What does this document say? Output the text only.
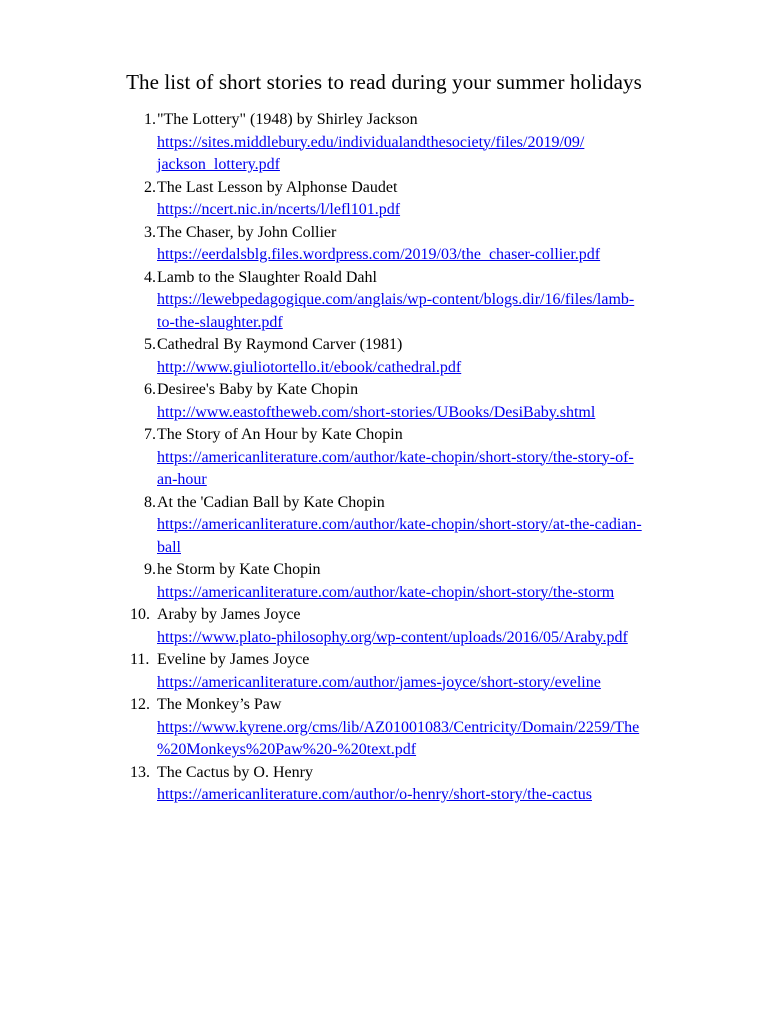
The list of short stories to read during your summer holidays
1. "The Lottery" (1948) by Shirley Jackson
https://sites.middlebury.edu/individualandthesociety/files/2019/09/
jackson_lottery.pdf
2. The Last Lesson by Alphonse Daudet
https://ncert.nic.in/ncerts/l/lefl101.pdf
3. The Chaser, by John Collier
https://eerdalsblg.files.wordpress.com/2019/03/the_chaser-collier.pdf
4. Lamb to the Slaughter Roald Dahl
https://lewebpedagogique.com/anglais/wp-content/blogs.dir/16/files/lamb-
to-the-slaughter.pdf
5. Cathedral By Raymond Carver (1981)
http://www.giuliotortello.it/ebook/cathedral.pdf
6. Desiree's Baby by Kate Chopin
http://www.eastoftheweb.com/short-stories/UBooks/DesiBaby.shtml
7. The Story of An Hour by Kate Chopin
https://americanliterature.com/author/kate-chopin/short-story/the-story-of-
an-hour
8. At the 'Cadian Ball by Kate Chopin
https://americanliterature.com/author/kate-chopin/short-story/at-the-cadian-
ball
9. he Storm by Kate Chopin
https://americanliterature.com/author/kate-chopin/short-story/the-storm
10. Araby by James Joyce
https://www.plato-philosophy.org/wp-content/uploads/2016/05/Araby.pdf
11. Eveline by James Joyce
https://americanliterature.com/author/james-joyce/short-story/eveline
12. The Monkey’s Paw
https://www.kyrene.org/cms/lib/AZ01001083/Centricity/Domain/2259/The
%20Monkeys%20Paw%20-%20text.pdf
13. The Cactus by O. Henry
https://americanliterature.com/author/o-henry/short-story/the-cactus
